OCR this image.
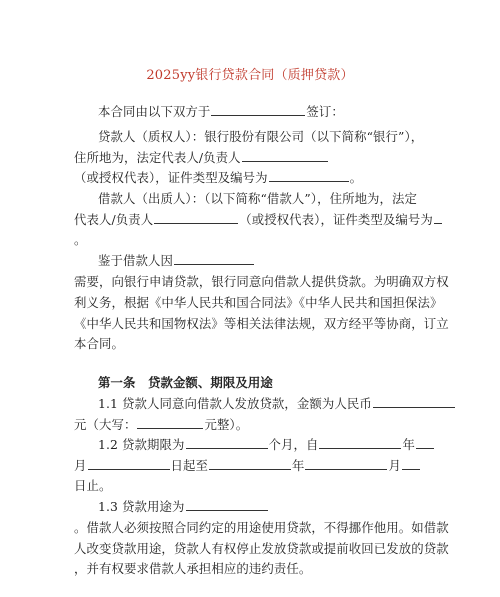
2025yy银行贷款合同（质押贷款）
本合同由以下双方于	签订：
贷款人（质权人）：银行股份有限公司（以下简称“银行”），
住所地为，法定代表人/负责人
（或授权代表），证件类型及编号为	。
借款人（出质人）：（以下简称“借款人”），住所地为，法定
代表人/负责人	（或授权代表），证件类型及编号为
。
鉴于借款人因
需要，向银行申请贷款，银行同意向借款人提供贷款。为明确双方权
利义务，根据《中华人民共和国合同法》《中华人民共和国担保法》
《中华人民共和国物权法》等相关法律法规，双方经平等协商，订立
本合同。
第一条　贷款金额、期限及用途
1.1 贷款人同意向借款人发放贷款，金额为人民币
元（大写：	元整）。
1.2 贷款期限为	个月，自	年
月	日起至	年	月
日止。
1.3 贷款用途为
。借款人必须按照合同约定的用途使用贷款，不得挪作他用。如借款
人改变贷款用途，贷款人有权停止发放贷款或提前收回已发放的贷款
，并有权要求借款人承担相应的违约责任。
